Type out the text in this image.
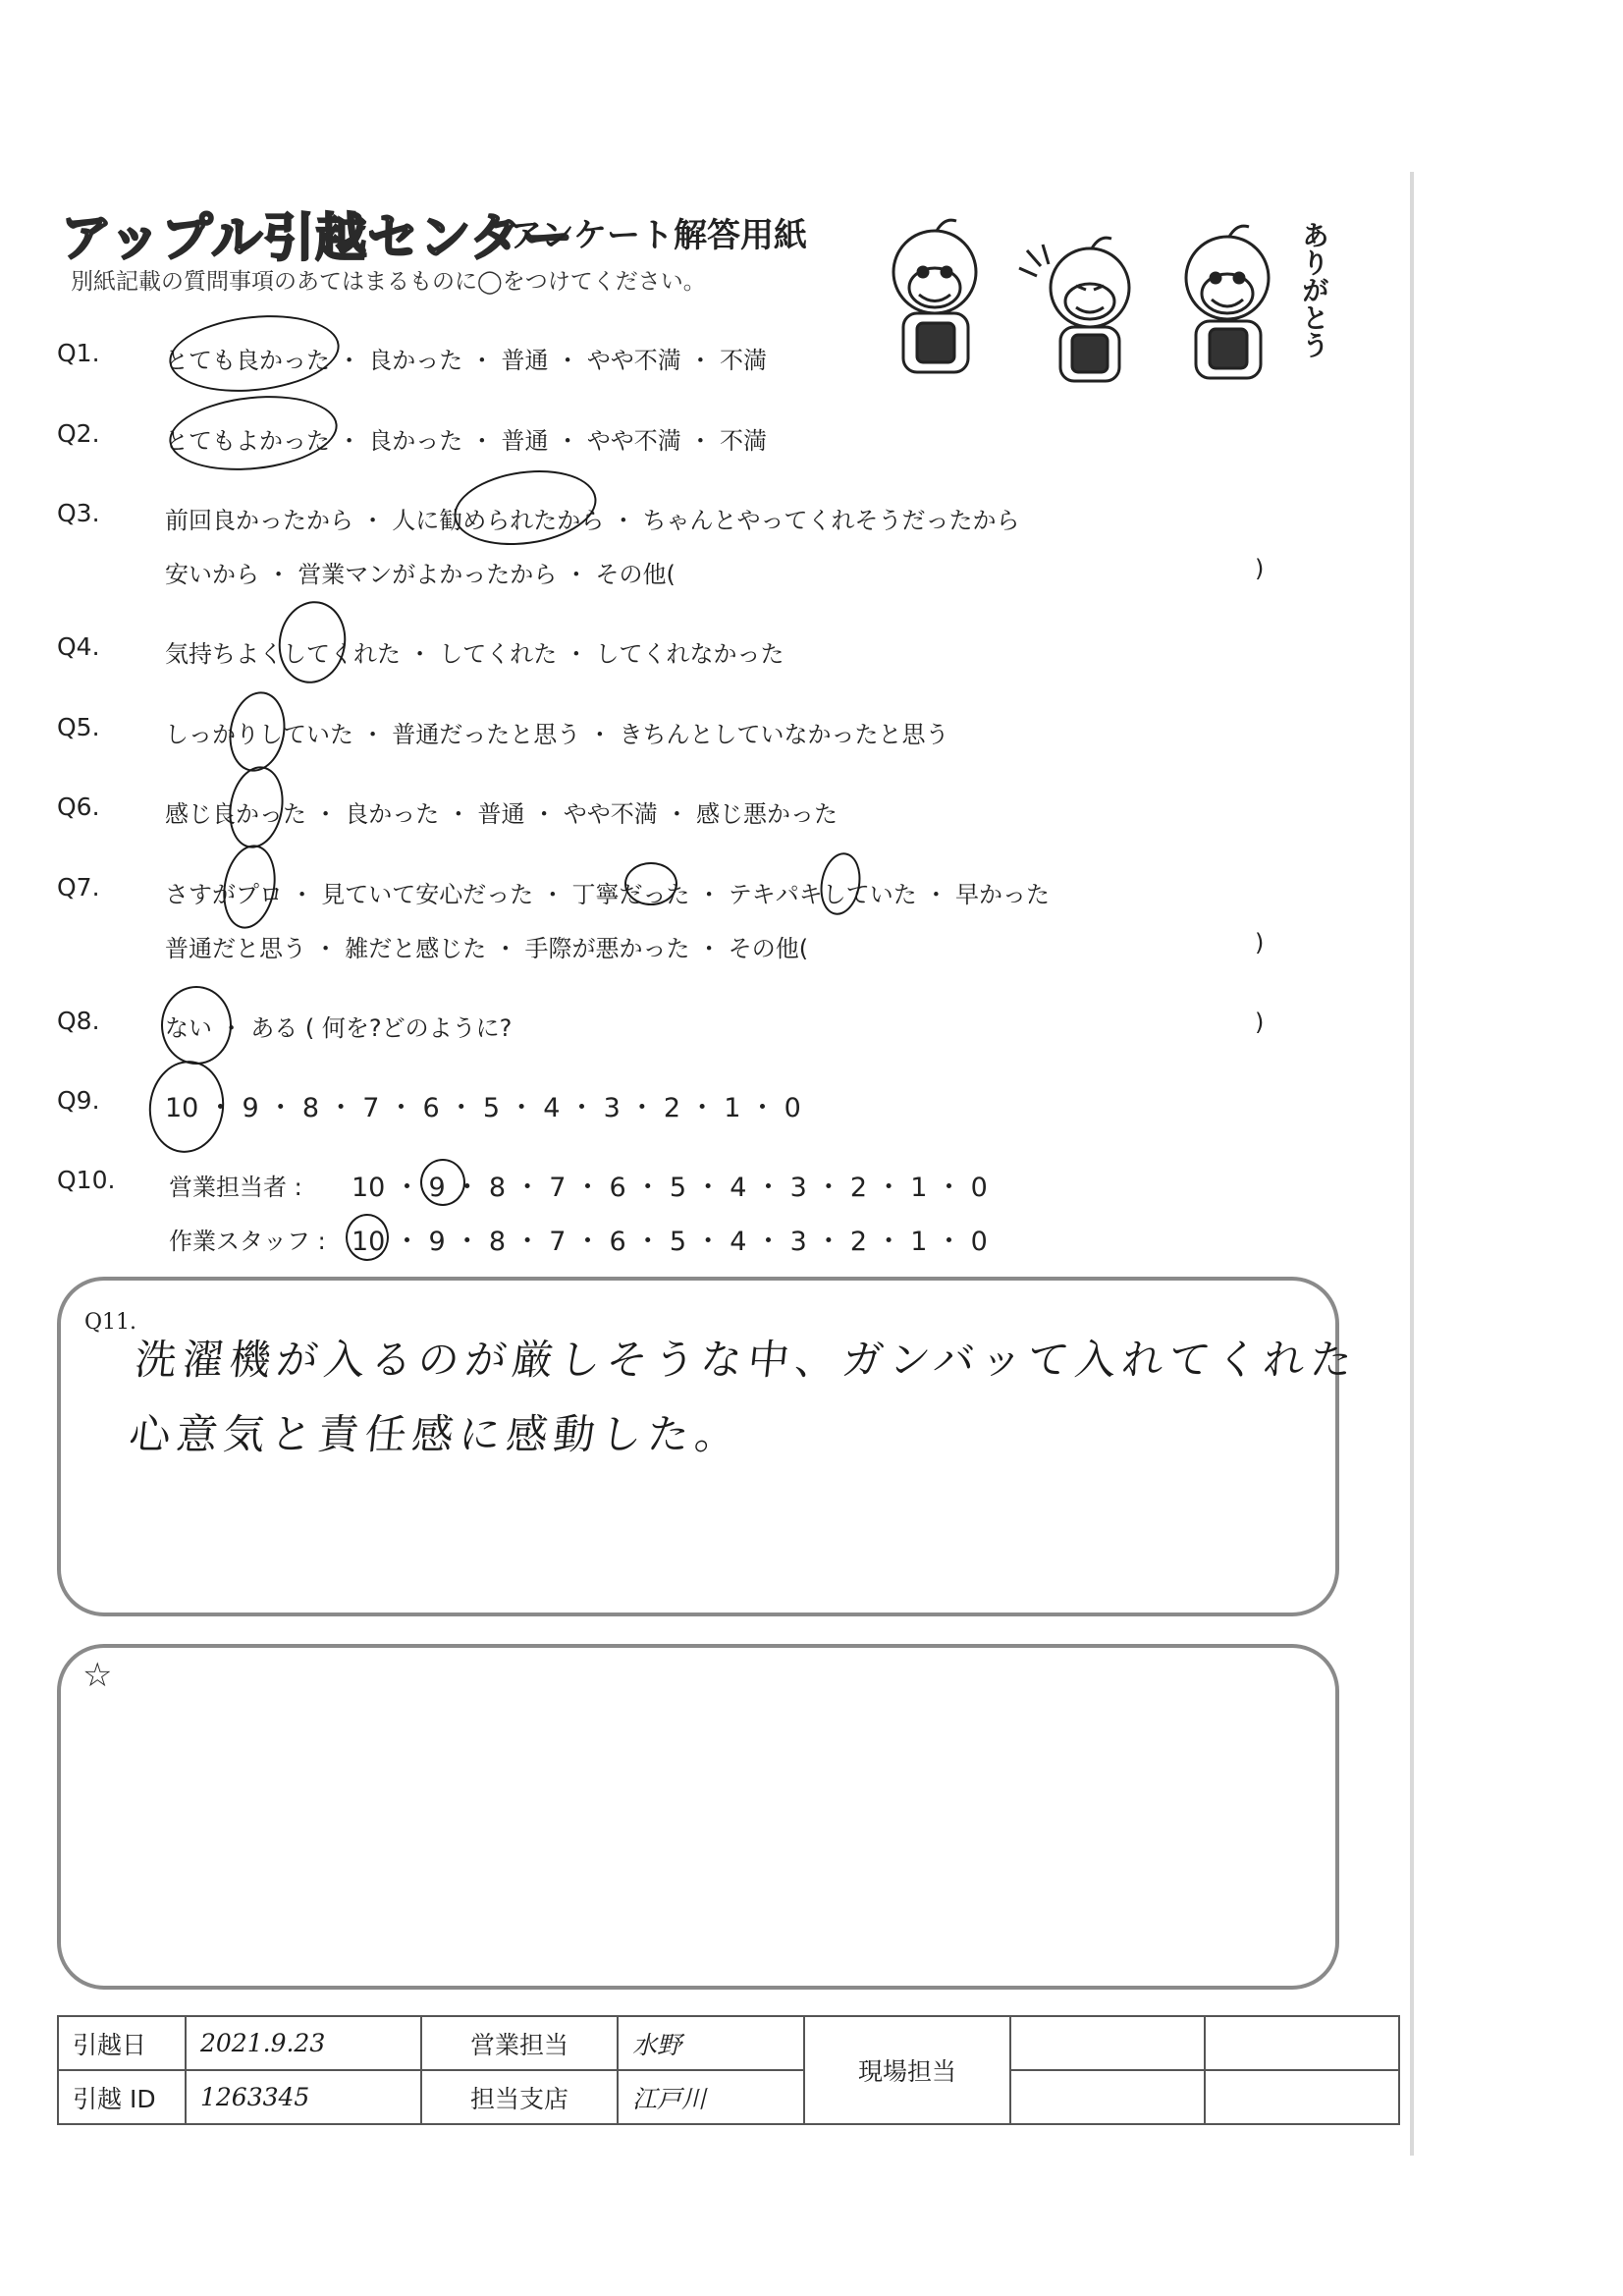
アップル引越センター
アンケート解答用紙
別紙記載の質問事項のあてはまるものに◯をつけてください。	ありがとう
Q1.	とても良かった ・ 良かった ・ 普通 ・ やや不満 ・ 不満
Q2.	とてもよかった ・ 良かった ・ 普通 ・ やや不満 ・ 不満
Q3.	前回良かったから ・ 人に勧められたから ・ ちゃんとやってくれそうだったから
安いから ・ 営業マンがよかったから ・ その他(	)
Q4.	気持ちよくしてくれた ・ してくれた ・ してくれなかった
Q5.	しっかりしていた ・ 普通だったと思う ・ きちんとしていなかったと思う
Q6.	感じ良かった ・ 良かった ・ 普通 ・ やや不満 ・ 感じ悪かった
Q7.	さすがプロ ・ 見ていて安心だった ・ 丁寧だった ・ テキパキしていた ・ 早かった
普通だと思う ・ 雑だと感じた ・ 手際が悪かった ・ その他(	)
Q8.	ない ・ ある ( 何を?どのように?	)
Q9. 10 ・ 9 ・ 8 ・ 7 ・ 6 ・ 5 ・ 4 ・ 3 ・ 2 ・ 1 ・ 0
Q10. 営業担当者 : 10 ・ 9 ・ 8 ・ 7 ・ 6 ・ 5 ・ 4 ・ 3 ・ 2 ・ 1 ・ 0
作業スタッフ : 10 ・ 9 ・ 8 ・ 7 ・ 6 ・ 5 ・ 4 ・ 3 ・ 2 ・ 1 ・ 0
Q11.
洗濯機が入るのが厳しそうな中、ガンバッて入れてくれた
心意気と責任感に感動した。
☆
引越日	2021.9.23	営業担当	水野	現場担当		
引越 ID	1263345	担当支店	江戸川			
